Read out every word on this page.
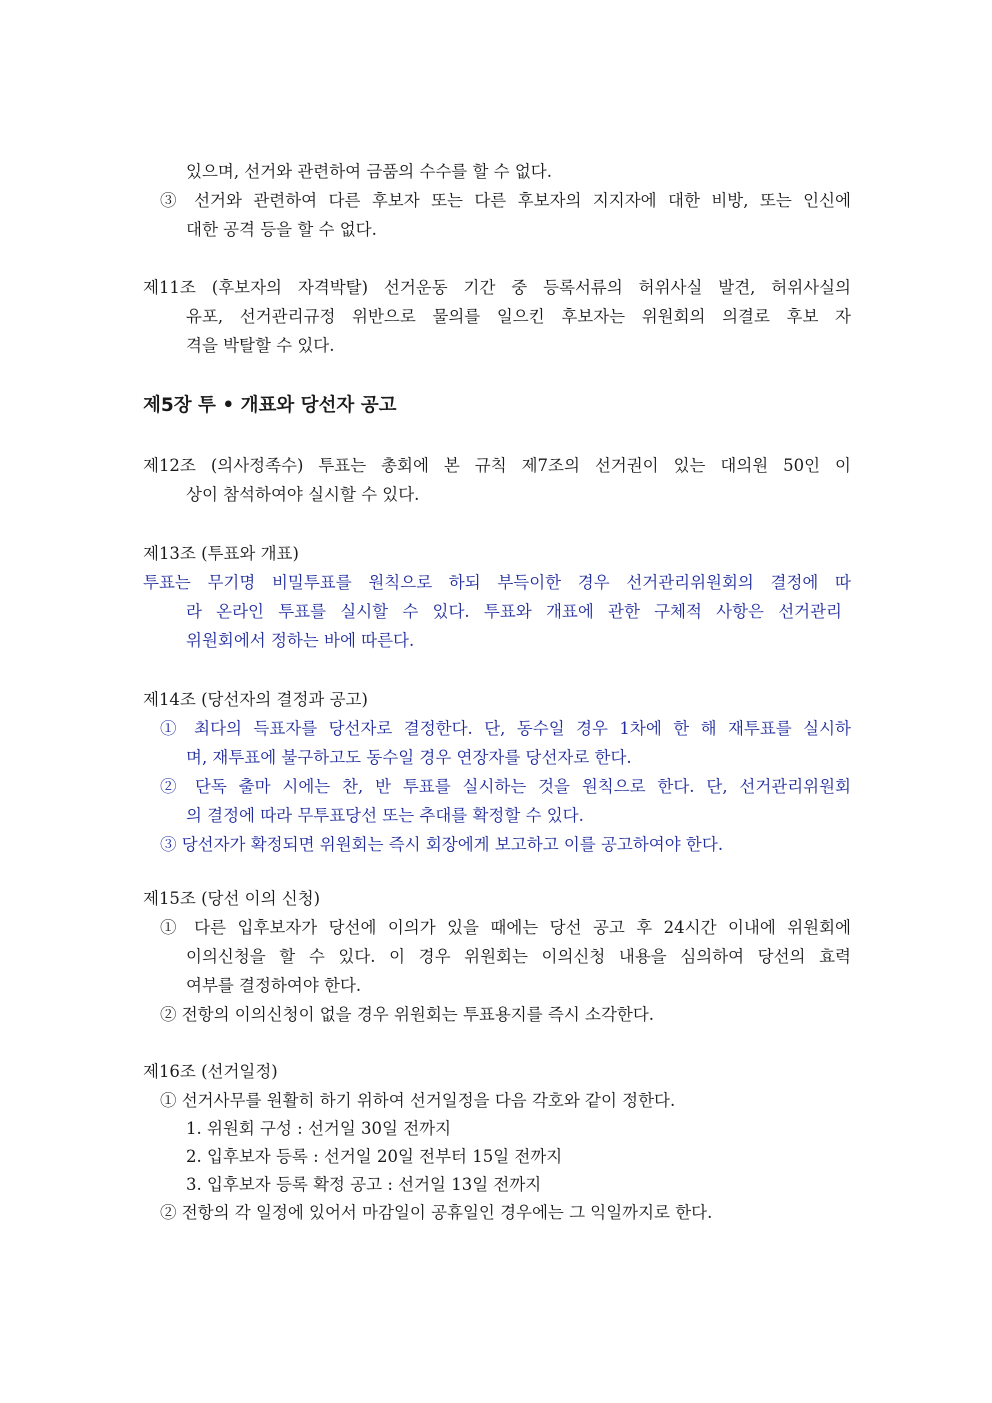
있으며, 선거와 관련하여 금품의 수수를 할 수 없다.
③ 선거와 관련하여 다른 후보자 또는 다른 후보자의 지지자에 대한 비방, 또는 인신에
대한 공격 등을 할 수 없다.
제11조 (후보자의 자격박탈) 선거운동 기간 중 등록서류의 허위사실 발견, 허위사실의
유포, 선거관리규정 위반으로 물의를 일으킨 후보자는 위원회의 의결로 후보 자
격을 박탈할 수 있다.
제5장 투 • 개표와 당선자 공고
제12조 (의사정족수) 투표는 총회에 본 규칙 제7조의 선거권이 있는 대의원 50인 이
상이 참석하여야 실시할 수 있다.
제13조 (투표와 개표)
투표는 무기명 비밀투표를 원칙으로 하되 부득이한 경우 선거관리위원회의 결정에 따
라 온라인 투표를 실시할 수 있다. 투표와 개표에 관한 구체적 사항은 선거관리
위원회에서 정하는 바에 따른다.
제14조 (당선자의 결정과 공고)
① 최다의 득표자를 당선자로 결정한다. 단, 동수일 경우 1차에 한 해 재투표를 실시하
며, 재투표에 불구하고도 동수일 경우 연장자를 당선자로 한다.
② 단독 출마 시에는 찬, 반 투표를 실시하는 것을 원칙으로 한다. 단, 선거관리위원회
의 결정에 따라 무투표당선 또는 추대를 확정할 수 있다.
③ 당선자가 확정되면 위원회는 즉시 회장에게 보고하고 이를 공고하여야 한다.
제15조 (당선 이의 신청)
① 다른 입후보자가 당선에 이의가 있을 때에는 당선 공고 후 24시간 이내에 위원회에
이의신청을 할 수 있다. 이 경우 위원회는 이의신청 내용을 심의하여 당선의 효력
여부를 결정하여야 한다.
② 전항의 이의신청이 없을 경우 위원회는 투표용지를 즉시 소각한다.
제16조 (선거일정)
① 선거사무를 원활히 하기 위하여 선거일정을 다음 각호와 같이 정한다.
1. 위원회 구성 : 선거일 30일 전까지
2. 입후보자 등록 : 선거일 20일 전부터 15일 전까지
3. 입후보자 등록 확정 공고 : 선거일 13일 전까지
② 전항의 각 일정에 있어서 마감일이 공휴일인 경우에는 그 익일까지로 한다.
